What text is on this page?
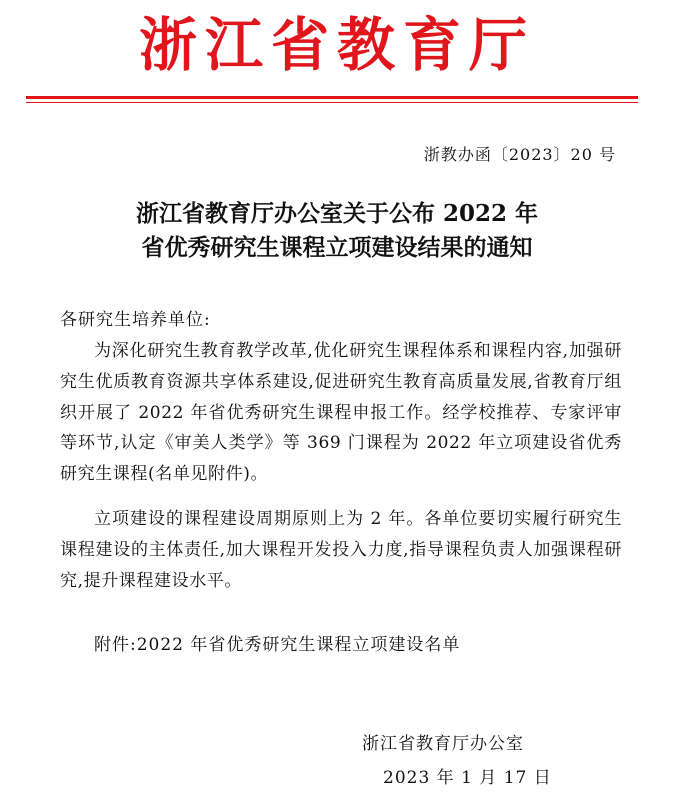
浙江省教育厅
浙教办函〔2023〕20 号
浙江省教育厅办公室关于公布 2022 年
省优秀研究生课程立项建设结果的通知
各研究生培养单位:
为深化研究生教育教学改革,优化研究生课程体系和课程内容,加强研究生优质教育资源共享体系建设,促进研究生教育高质量发展,省教育厅组织开展了 2022 年省优秀研究生课程申报工作。经学校推荐、专家评审等环节,认定《审美人类学》等 369 门课程为 2022 年立项建设省优秀研究生课程(名单见附件)。
立项建设的课程建设周期原则上为 2 年。各单位要切实履行研究生课程建设的主体责任,加大课程开发投入力度,指导课程负责人加强课程研究,提升课程建设水平。
附件:2022 年省优秀研究生课程立项建设名单
浙江省教育厅办公室
2023 年 1 月 17 日
